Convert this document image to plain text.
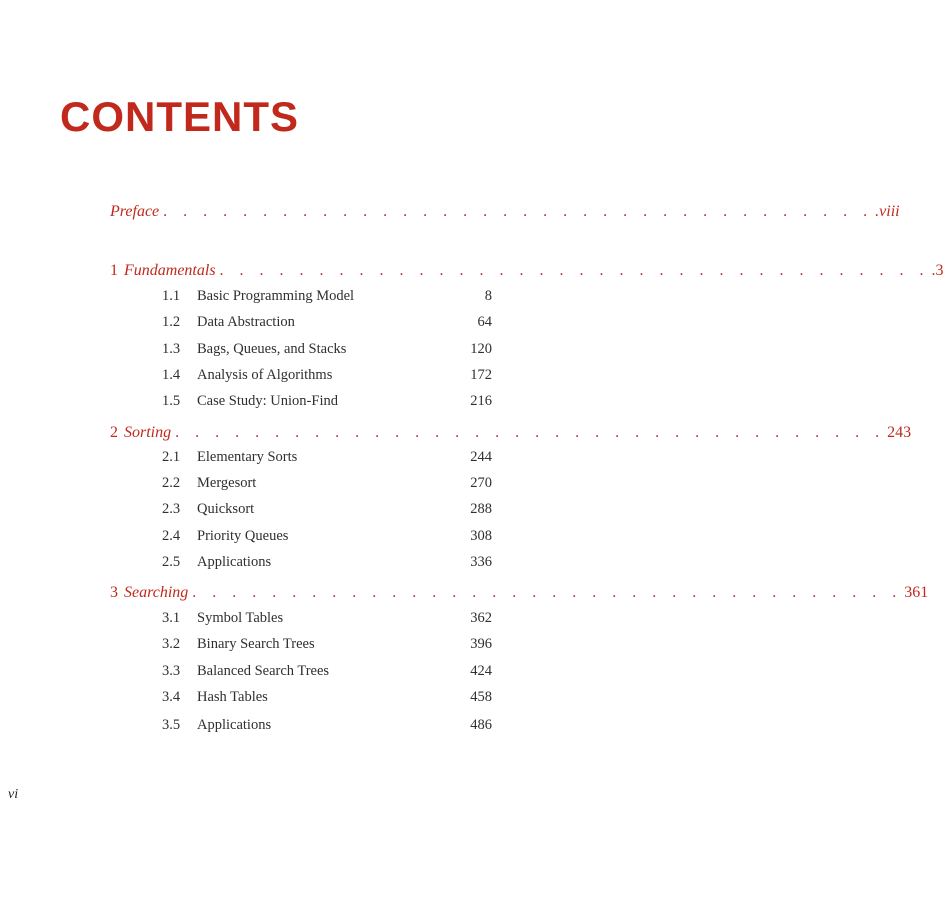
CONTENTS
Preface . . . . . . . . . . . . . . . . . . . . . . . . . . . . . . . . . . . . .viii
1 Fundamentals . . . . . . . . . . . . . . . . . . . . . . . . . . . . . . . . . . . . .3
1.1	Basic Programming Model	8
1.2	Data Abstraction	64
1.3	Bags, Queues, and Stacks	120
1.4	Analysis of Algorithms	172
1.5	Case Study: Union-Find	216
2 Sorting . . . . . . . . . . . . . . . . . . . . . . . . . . . . . . . . . . . . 243
2.1	Elementary Sorts	244
2.2	Mergesort	270
2.3	Quicksort	288
2.4	Priority Queues	308
2.5	Applications	336
3 Searching . . . . . . . . . . . . . . . . . . . . . . . . . . . . . . . . . . . . 361
3.1	Symbol Tables	362
3.2	Binary Search Trees	396
3.3	Balanced Search Trees	424
3.4	Hash Tables	458
3.5	Applications	486
vi
